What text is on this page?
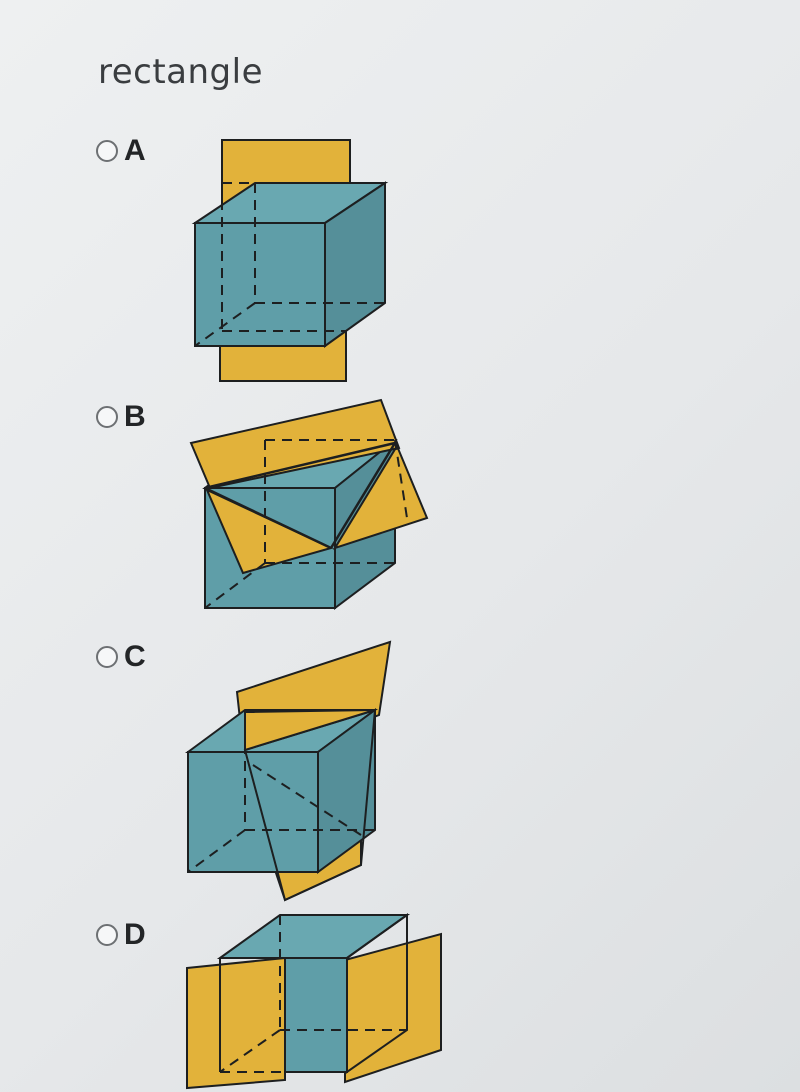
rectangle
A
B
C
D
